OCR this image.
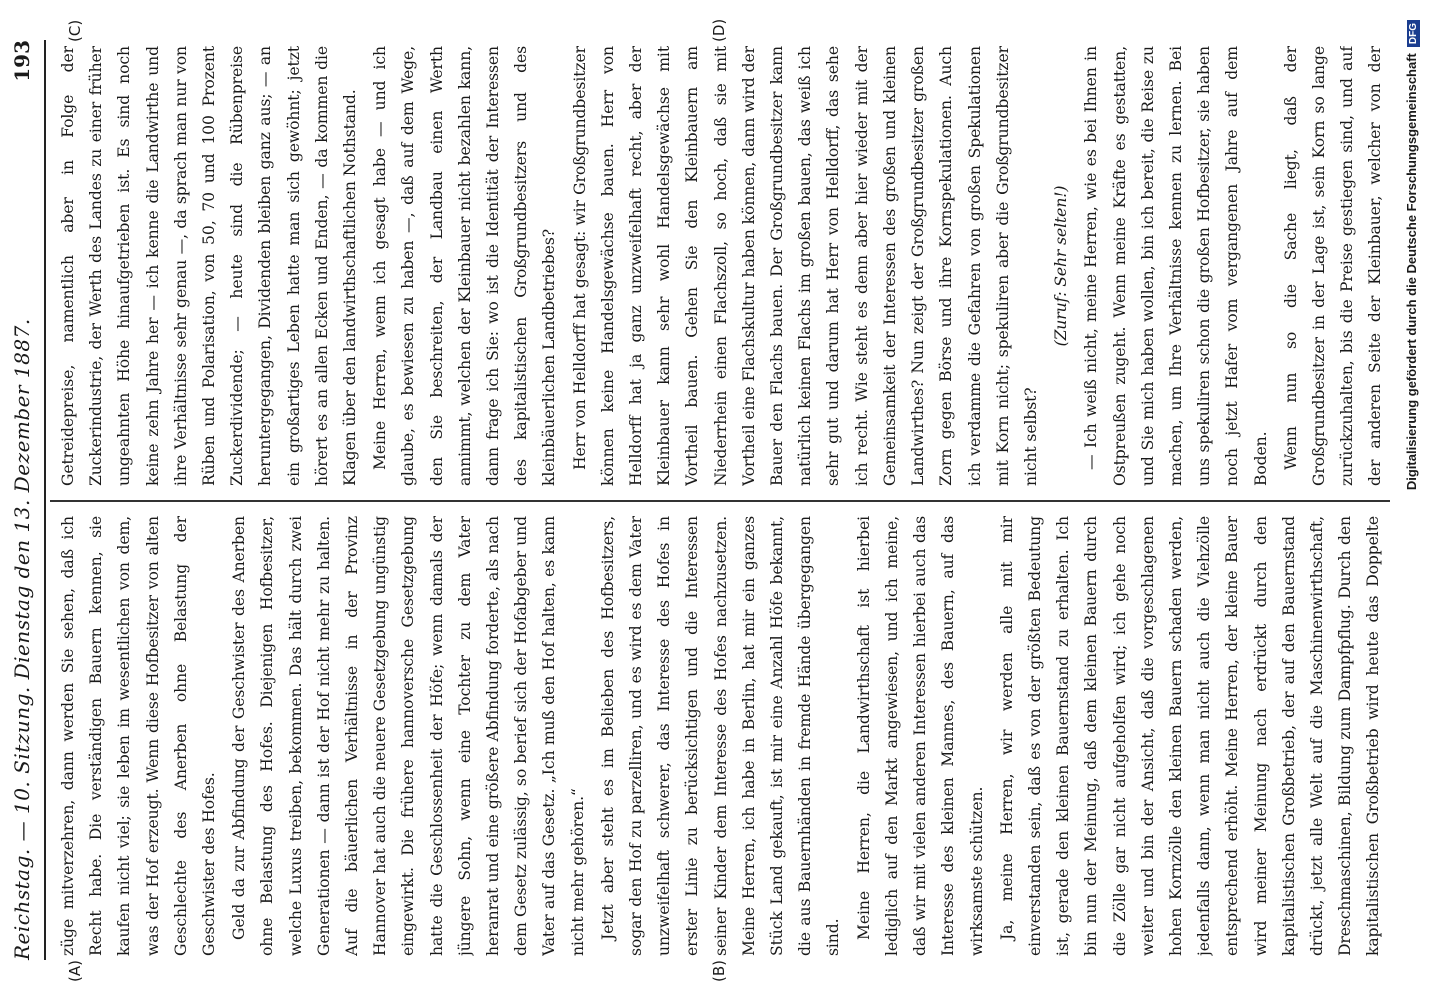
Reichstag. — 10. Sitzung. Dienstag den 13. Dezember 1887.
193
(A)	(B)
(C)	(D)

züge mitverzehren, dann werden Sie sehen, daß ich Recht habe. Die verständigen Bauern kennen, sie kaufen nicht viel; sie leben im wesentlichen von dem, was der Hof erzeugt. Wenn diese Hofbesitzer von alten Geschlechte des Anerben ohne Belastung der Geschwister des Hofes. Geld da zur Abfindung der Geschwister des Anerben ohne Belastung des Hofes. Diejenigen Hofbesitzer, welche Luxus treiben, bekommen. Das hält durch zwei Generationen — dann ist der Hof nicht mehr zu halten. Auf die bäuerlichen Verhältnisse in der Provinz Hannover hat auch die neuere Gesetzgebung ungünstig eingewirkt. Die frühere hannoversche Gesetzgebung hatte die Geschlossenheit der Höfe; wenn damals der jüngere Sohn, wenn eine Tochter zu dem Vater heranrat und eine größere Abfindung forderte, als nach dem Gesetz zulässig, so berief sich der Hofabgeber und Vater auf das Gesetz. „Ich muß den Hof halten, es kann nicht mehr gehören.“ Jetzt aber steht es im Belieben des Hofbesitzers, sogar den Hof zu parzelliren, und es wird es dem Vater unzweifelhaft schwerer, das Interesse des Hofes in erster Linie zu berücksichtigen und die Interessen seiner Kinder dem Interesse des Hofes nachzusetzen. Meine Herren, ich habe in Berlin, hat mir ein ganzes Stück Land gekauft, ist mir eine Anzahl Höfe bekannt, die aus Bauernhänden in fremde Hände übergegangen sind. Meine Herren, die Landwirthschaft ist hierbei lediglich auf den Markt angewiesen, und ich meine, daß wir mit vielen anderen Interessen hierbei auch das Interesse des kleinen Mannes, des Bauern, auf das wirksamste schützen. Ja, meine Herren, wir werden alle mit mir einverstanden sein, daß es von der größten Bedeutung ist, gerade den kleinen Bauernstand zu erhalten. Ich bin nun der Meinung, daß dem kleinen Bauern durch die Zölle gar nicht aufgeholfen wird; ich gehe noch weiter und bin der Ansicht, daß die vorgeschlagenen hohen Kornzölle den kleinen Bauern schaden werden, jedenfalls dann, wenn man nicht auch die Viehzölle entsprechend erhöht. Meine Herren, der kleine Bauer wird meiner Meinung nach erdrückt durch den kapitalistischen Großbetrieb, der auf den Bauernstand drückt, jetzt alle Welt auf die Maschinenwirthschaft, Dreschmaschinen, Bildung zum Dampfpflug. Durch den kapitalistischen Großbetrieb wird heute das Doppelte

Getreidepreise, namentlich aber in Folge der Zuckerindustrie, der Werth des Landes zu einer früher ungeahnten Höhe hinaufgetrieben ist. Es sind noch keine zehn Jahre her — ich kenne die Landwirthe und ihre Verhältnisse sehr genau —, da sprach man nur von Rüben und Polarisation, von 50, 70 und 100 Prozent Zuckerdividende; — heute sind die Rübenpreise heruntergegangen, Dividenden bleiben ganz aus; — an ein großartiges Leben hatte man sich gewöhnt; jetzt hörert es an allen Ecken und Enden, — da kommen die Klagen über den landwirthschaftlichen Nothstand. Meine Herren, wenn ich gesagt habe — und ich glaube, es bewiesen zu haben —, daß auf dem Wege, den Sie beschreiten, der Landbau einen Werth annimmt, welchen der Kleinbauer nicht bezahlen kann, dann frage ich Sie: wo ist die Identität der Interessen des kapitalistischen Großgrundbesitzers und des kleinbäuerlichen Landbetriebes? Herr von Helldorff hat gesagt: wir Großgrundbesitzer können keine Handelsgewächse bauen. Herr von Helldorff hat ja ganz unzweifelhaft recht, aber der Kleinbauer kann sehr wohl Handelsgewächse mit Vortheil bauen. Gehen Sie den Kleinbauern am Niederrhein einen Flachszoll, so hoch, daß sie mit Vortheil eine Flachskultur haben können, dann wird der Bauer den Flachs bauen. Der Großgrundbesitzer kann natürlich keinen Flachs im großen bauen, das weiß ich sehr gut und darum hat Herr von Helldorff, das sehe ich recht. Wie steht es denn aber hier wieder mit der Gemeinsamkeit der Interessen des großen und kleinen Landwirthes? Nun zeigt der Großgrundbesitzer großen Zorn gegen Börse und ihre Kornspekulationen. Auch ich verdamme die Gefahren von großen Spekulationen mit Korn nicht; spekuliren aber die Großgrundbesitzer nicht selbst?

(Zuruf: Sehr selten!) — Ich weiß nicht, meine Herren, wie es bei Ihnen in Ostpreußen zugeht. Wenn meine Kräfte es gestatten, und Sie mich haben wollen, bin ich bereit, die Reise zu machen, um Ihre Verhältnisse kennen zu lernen. Bei uns spekuliren schon die großen Hofbesitzer, sie haben noch jetzt Hafer vom vergangenen Jahre auf dem Boden. Wenn nun so die Sache liegt, daß der Großgrundbesitzer in der Lage ist, sein Korn so lange zurückzuhalten, bis die Preise gestiegen sind, und auf der anderen Seite der Kleinbauer, welcher von der	Digitalisierung gefördert durch die Deutsche ForschungsgemeinschaftDFG
